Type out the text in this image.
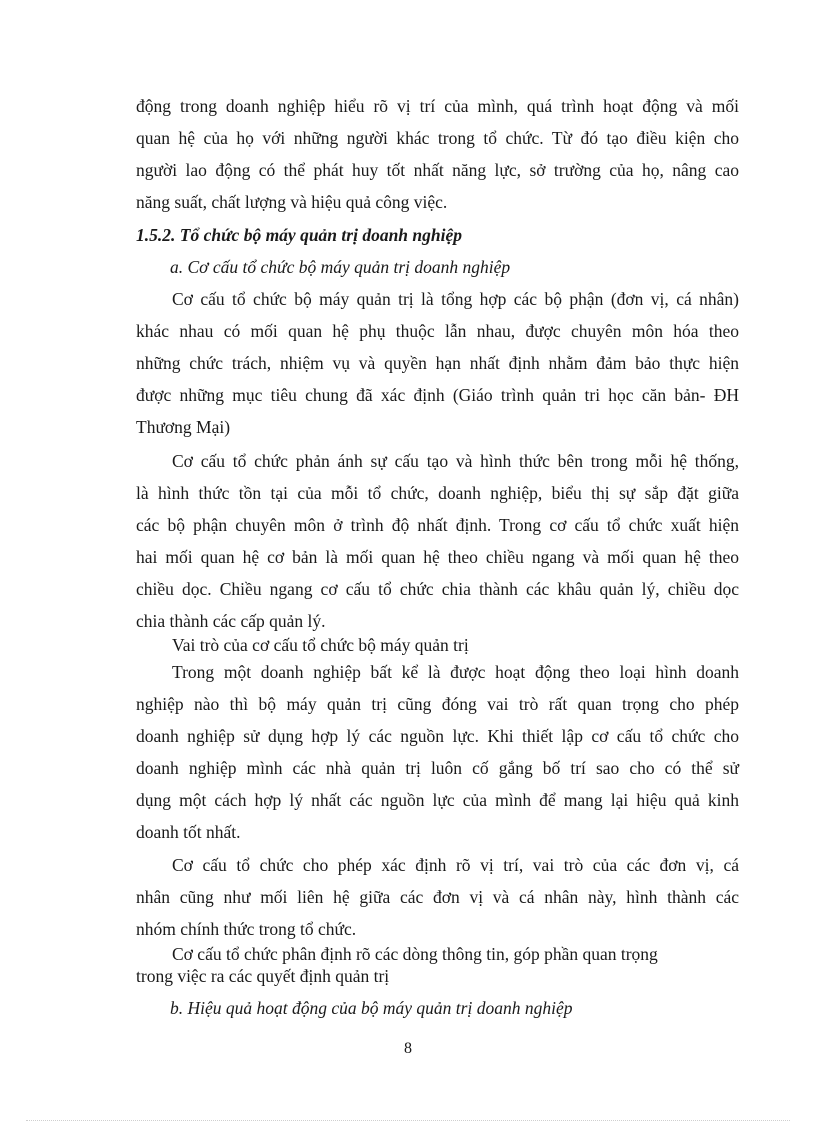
động trong doanh nghiệp hiểu rõ vị trí của mình, quá trình hoạt động và mối
quan hệ của họ với những người khác trong tổ chức. Từ đó tạo điều kiện cho
người lao động có thể phát huy tốt nhất năng lực, sở trường của họ, nâng cao
năng suất, chất lượng và hiệu quả công việc.
1.5.2. Tổ chức bộ máy quản trị doanh nghiệp
a. Cơ cấu tổ chức bộ máy quản trị doanh nghiệp
Cơ cấu tổ chức bộ máy quản trị là tổng hợp các bộ phận (đơn vị, cá nhân)
khác nhau có mối quan hệ phụ thuộc lẫn nhau, được chuyên môn hóa theo
những chức trách, nhiệm vụ và quyền hạn nhất định nhằm đảm bảo thực hiện
được những mục tiêu chung đã xác định (Giáo trình quản tri học căn bản- ĐH
Thương Mại)
Cơ cấu tổ chức phản ánh sự cấu tạo và hình thức bên trong mỗi hệ thống,
là hình thức tồn tại của mỗi tổ chức, doanh nghiệp, biểu thị sự sắp đặt giữa
các bộ phận chuyên môn ở trình độ nhất định. Trong cơ cấu tổ chức xuất hiện
hai mối quan hệ cơ bản là mối quan hệ theo chiều ngang và mối quan hệ theo
chiều dọc. Chiều ngang cơ cấu tổ chức chia thành các khâu quản lý, chiều dọc
chia thành các cấp quản lý.
Vai trò của cơ cấu tổ chức bộ máy quản trị
Trong một doanh nghiệp bất kể là được hoạt động theo loại hình doanh
nghiệp nào thì bộ máy quản trị cũng đóng vai trò rất quan trọng cho phép
doanh nghiệp sử dụng hợp lý các nguồn lực. Khi thiết lập cơ cấu tổ chức cho
doanh nghiệp mình các nhà quản trị luôn cố gắng bố trí sao cho có thể sử
dụng một cách hợp lý nhất các nguồn lực của mình để mang lại hiệu quả kinh
doanh tốt nhất.
Cơ cấu tổ chức cho phép xác định rõ vị trí, vai trò của các đơn vị, cá
nhân cũng như mối liên hệ giữa các đơn vị và cá nhân này, hình thành các
nhóm chính thức trong tổ chức.
Cơ cấu tổ chức phân định rõ các dòng thông tin, góp phần quan trọng
trong việc ra các quyết định quản trị
b. Hiệu quả hoạt động của bộ máy quản trị doanh nghiệp
8
